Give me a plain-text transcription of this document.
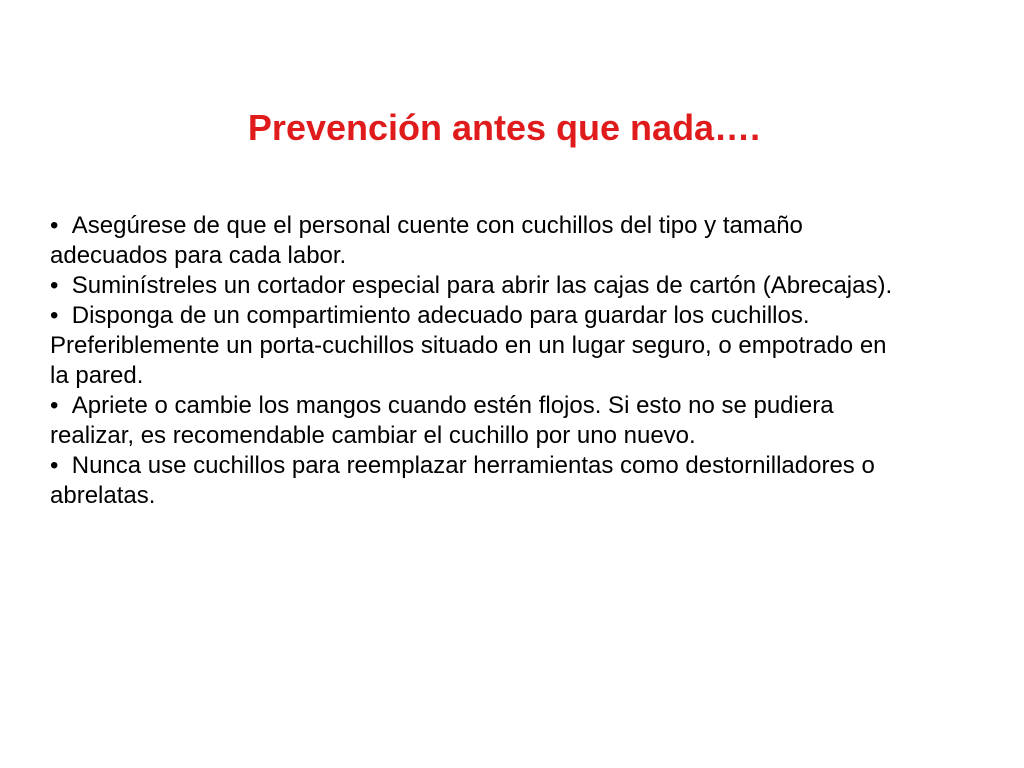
Prevención antes que nada….
• Asegúrese de que el personal cuente con cuchillos del tipo y tamaño
adecuados para cada labor.
• Suminístreles un cortador especial para abrir las cajas de cartón (Abrecajas).
• Disponga de un compartimiento adecuado para guardar los cuchillos.
Preferiblemente un porta-cuchillos situado en un lugar seguro, o empotrado en
la pared.
• Apriete o cambie los mangos cuando estén flojos. Si esto no se pudiera
realizar, es recomendable cambiar el cuchillo por uno nuevo.
• Nunca use cuchillos para reemplazar herramientas como destornilladores o
abrelatas.
